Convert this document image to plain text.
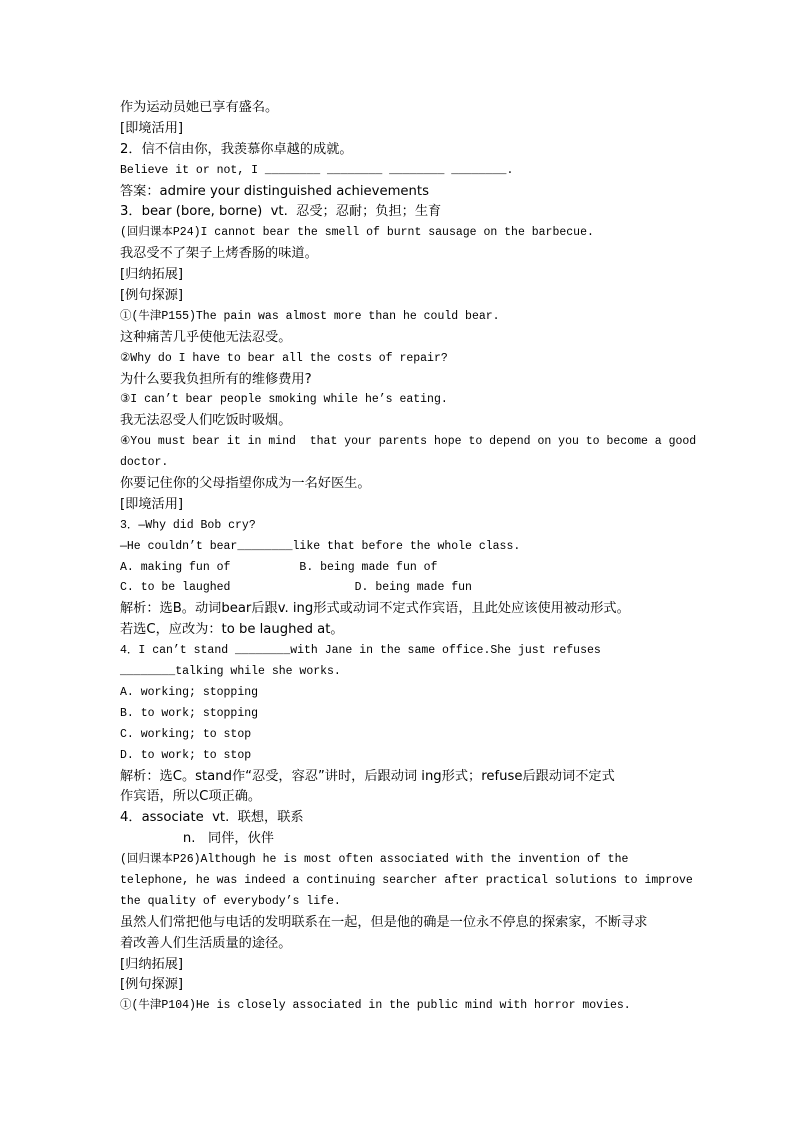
作为运动员她已享有盛名。
[即境活用]
2．信不信由你，我羡慕你卓越的成就。
Believe it or not, I ________ ________ ________ ________.
答案：admire your distinguished achievements
3．bear (bore, borne)  vt.  忍受；忍耐；负担；生育
(回归课本P24)I cannot bear the smell of burnt sausage on the barbecue.
我忍受不了架子上烤香肠的味道。
[归纳拓展]
[例句探源]
①(牛津P155)The pain was almost more than he could bear.
这种痛苦几乎使他无法忍受。
②Why do I have to bear all the costs of repair?
为什么要我负担所有的维修费用?
③I can’t bear people smoking while he’s eating.
我无法忍受人们吃饭时吸烟。
④You must bear it in mind  that your parents hope to depend on you to become a good
doctor.
你要记住你的父母指望你成为一名好医生。
[即境活用]
3．—Why did Bob cry?
—He couldn’t bear________like that before the whole class.
A. making fun of          B. being made fun of
C. to be laughed                  D. being made fun
解析：选B。动词bear后跟v. ing形式或动词不定式作宾语，且此处应该使用被动形式。
若选C，应改为：to be laughed at。
4．I can’t stand ________with Jane in the same office.She just refuses
________talking while she works.
A. working; stopping
B. to work; stopping
C. working; to stop
D. to work; to stop
解析：选C。stand作“忍受，容忍”讲时，后跟动词 ing形式；refuse后跟动词不定式
作宾语，所以C项正确。
4．associate  vt.  联想，联系
n.   同伴，伙伴
(回归课本P26)Although he is most often associated with the invention of the
telephone, he was indeed a continuing searcher after practical solutions to improve
the quality of everybody’s life.
虽然人们常把他与电话的发明联系在一起，但是他的确是一位永不停息的探索家，不断寻求
着改善人们生活质量的途径。
[归纳拓展]
[例句探源]
①(牛津P104)He is closely associated in the public mind with horror movies.
